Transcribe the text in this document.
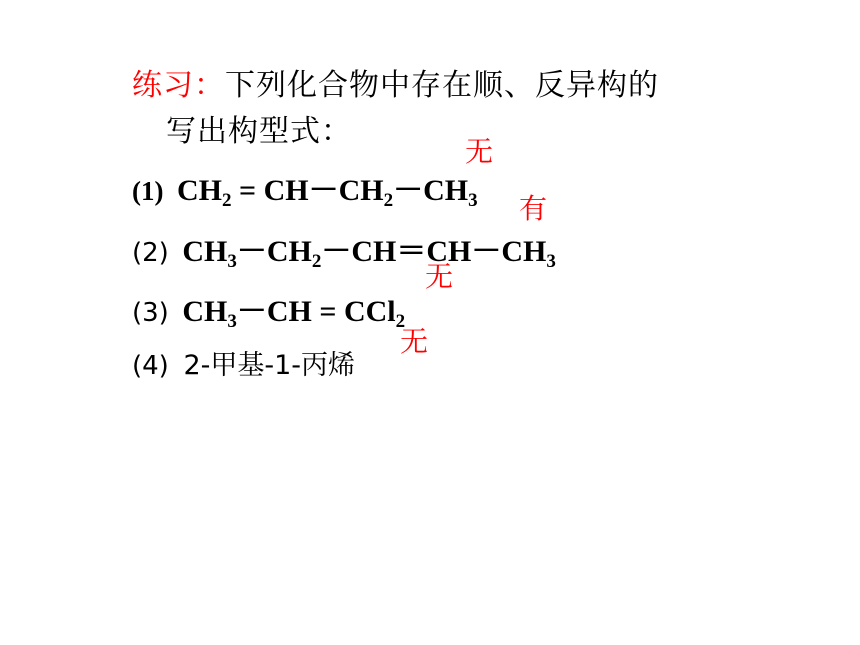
练习：下列化合物中存在顺、反异构的
写出构型式：
(1) $CH_2 = CH-CH_2-CH_3$
(2) $CH_3-CH_2-CH=CH-CH_3$
(3) $CH_3-CH = CCl_2$
(4) 2-甲基-1-丙烯
无
有
无
无
